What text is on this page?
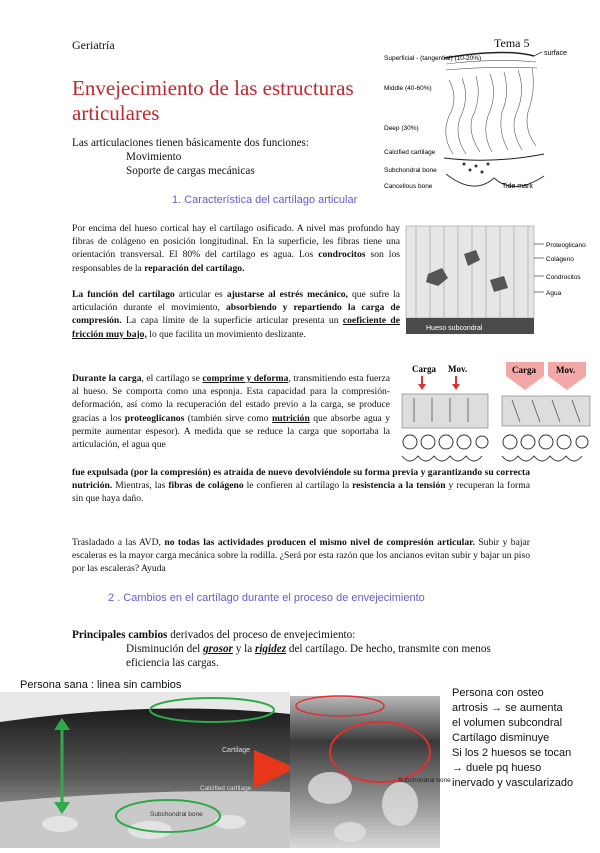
Geriatría	Tema 5
Envejecimiento de las estructuras
articulares
Las articulaciones tienen básicamente dos funciones:
Movimiento
Soporte de cargas mecánicas
surface
Superficial - (tangential) (10-20%)
Middle (40-60%)
Deep (30%)
Calcified cartilage
Subchondral bone
Cancellous bone	Tide mark
1. Característica del cartílago articular
Hueso subcondral
Proteoglicano
Colágeno
Condrocitos
Agua
Por encima del hueso cortical hay el cartílago osificado. A nivel mas profundo hay fibras de colágeno en posición longitudinal. En la superficie, les fibras tiene una orientación transversal. El 80% del cartílago es agua. Los condrocitos son los responsables de la reparación del cartílago.
La función del cartílago articular es ajustarse al estrés mecánico, que sufre la articulación durante el movimiento, absorbiendo y repartiendo la carga de compresión. La capa límite de la superficie articular presenta un coeficiente de fricción muy bajo, lo que facilita un movimiento deslizante.
Carga Mov.	Carga Mov.
Durante la carga, el cartílago se comprime y deforma, transmitiendo esta fuerza al hueso. Se comporta como una esponja. Esta capacidad para la compresión-deformación, así como la recuperación del estado previo a la carga, se produce gracias a los proteoglicanos (también sirve como nutrición que absorbe agua y permite aumentar espesor). A medida que se reduce la carga que soportaba la articulación, el agua que
fue expulsada (por la compresión) es atraída de nuevo devolviéndole su forma previa y garantizando su correcta nutrición. Mientras, las fibras de colágeno le confieren al cartílago la resistencia a la tensión y recuperan la forma sin que haya daño.
Trasladado a las AVD, no todas las actividades producen el mismo nivel de compresión articular. Subir y bajar escaleras es la mayor carga mecánica sobre la rodilla. ¿Será por esta razón que los ancianos evitan subir y bajar un piso por las escaleras? Ayuda
2 . Cambios en el cartílago durante el proceso de envejecimiento
Principales cambios derivados del proceso de envejecimiento:
Disminución del grosor y la rigidez del cartílago. De hecho, transmite con menos eficiencia las cargas.
Persona sana : linea sin cambios
Cartilage
Calcified cartilage
Subchondral bone
Subchondral bone
Persona con osteo
artrosis → se aumenta
el volumen subcondral
Cartílago disminuye
Si los 2 huesos se tocan
→ duele pq hueso
inervado y vascularizado
